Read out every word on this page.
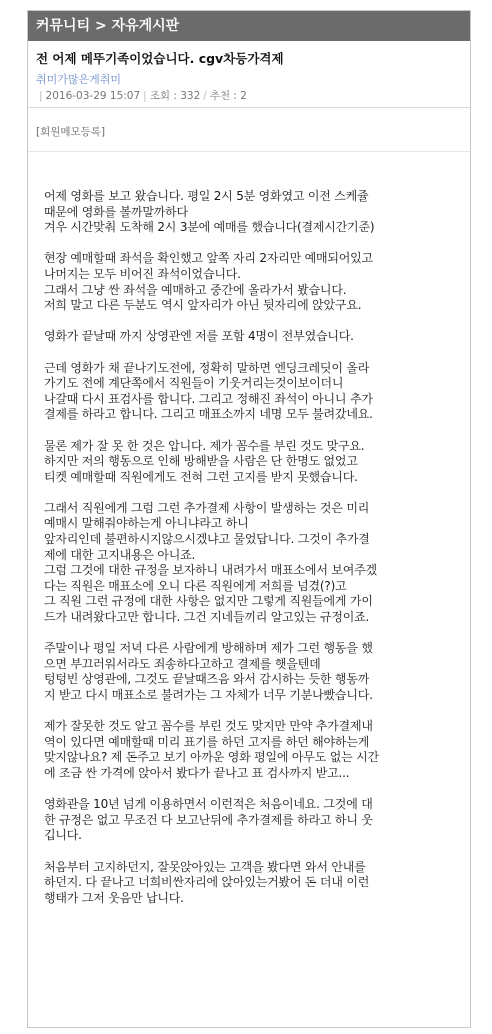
커뮤니티 > 자유게시판
전 어제 메뚜기족이었습니다. cgv차등가격제
취미가많은게취미
| 2016-03-29 15:07 | 조회 : 332 / 추천 : 2
[회원메모등록]

어제 영화를 보고 왔습니다. 평일 2시 5분 영화였고 이전 스케쥴
때문에 영화를 볼까말까하다
겨우 시간맞춰 도착해 2시 3분에 예매를 했습니다(결제시간기준)

현장 예매할때 좌석을 확인했고 앞쪽 자리 2자리만 예매되어있고
나머지는 모두 비어진 좌석이었습니다.
그래서 그냥 싼 좌석을 예매하고 중간에 올라가서 봤습니다.
저희 말고 다른 두분도 역시 앞자리가 아닌 뒷자리에 앉았구요.

영화가 끝날때 까지 상영관엔 저를 포함 4명이 전부였습니다.

근데 영화가 채 끝나기도전에, 정확히 말하면 엔딩크레딧이 올라
가기도 전에 계단쪽에서 직원들이 기웃거리는것이보이더니
나갈때 다시 표검사를 합니다. 그리고 정해진 좌석이 아니니 추가
결제를 하라고 합니다. 그리고 매표소까지 네명 모두 불려갔네요.

물론 제가 잘 못 한 것은 압니다. 제가 꼼수를 부린 것도 맞구요.
하지만 저의 행동으로 인해 방해받을 사람은 단 한명도 없었고
티켓 예매할때 직원에게도 전혀 그런 고지를 받지 못했습니다.

그래서 직원에게 그럼 그런 추가결제 사항이 발생하는 것은 미리
예매시 말해줘야하는게 아니냐라고 하니
앞자리인데 불편하시지않으시겠냐고 물었답니다. 그것이 추가결
제에 대한 고지내용은 아니죠.
그럼 그것에 대한 규정을 보자하니 내려가서 매표소에서 보여주겠
다는 직원은 매표소에 오니 다른 직원에게 저희를 넘겼(?)고
그 직원 그런 규정에 대한 사항은 없지만 그렇게 직원들에게 가이
드가 내려왔다고만 합니다. 그건 지네들끼리 알고있는 규정이죠.

주말이나 평일 저녁 다른 사람에게 방해하며 제가 그런 행동을 했
으면 부끄러워서라도 죄송하다고하고 결제를 햇을텐데
텅텅빈 상영관에, 그것도 끝날때즈음 와서 감시하는 듯한 행동까
지 받고 다시 매표소로 불려가는 그 자체가 너무 기분나빴습니다.

제가 잘못한 것도 알고 꼼수를 부린 것도 맞지만 만약 추가결제내
역이 있다면 예매할때 미리 표기를 하던 고지를 하던 해야하는게
맞지않나요? 제 돈주고 보기 아까운 영화 평일에 아무도 없는 시간
에 조금 싼 가격에 앉아서 봤다가 끝나고 표 검사까지 받고...

영화관을 10년 넘게 이용하면서 이런적은 처음이네요. 그것에 대
한 규정은 없고 무조건 다 보고난뒤에 추가결제를 하라고 하니 웃
깁니다.

처음부터 고지하던지, 잘못앉아있는 고객을 봤다면 와서 안내를
하던지. 다 끝나고 너희비싼자리에 앉아있는거봤어 돈 더내 이런
행태가 그저 웃음만 납니다.
